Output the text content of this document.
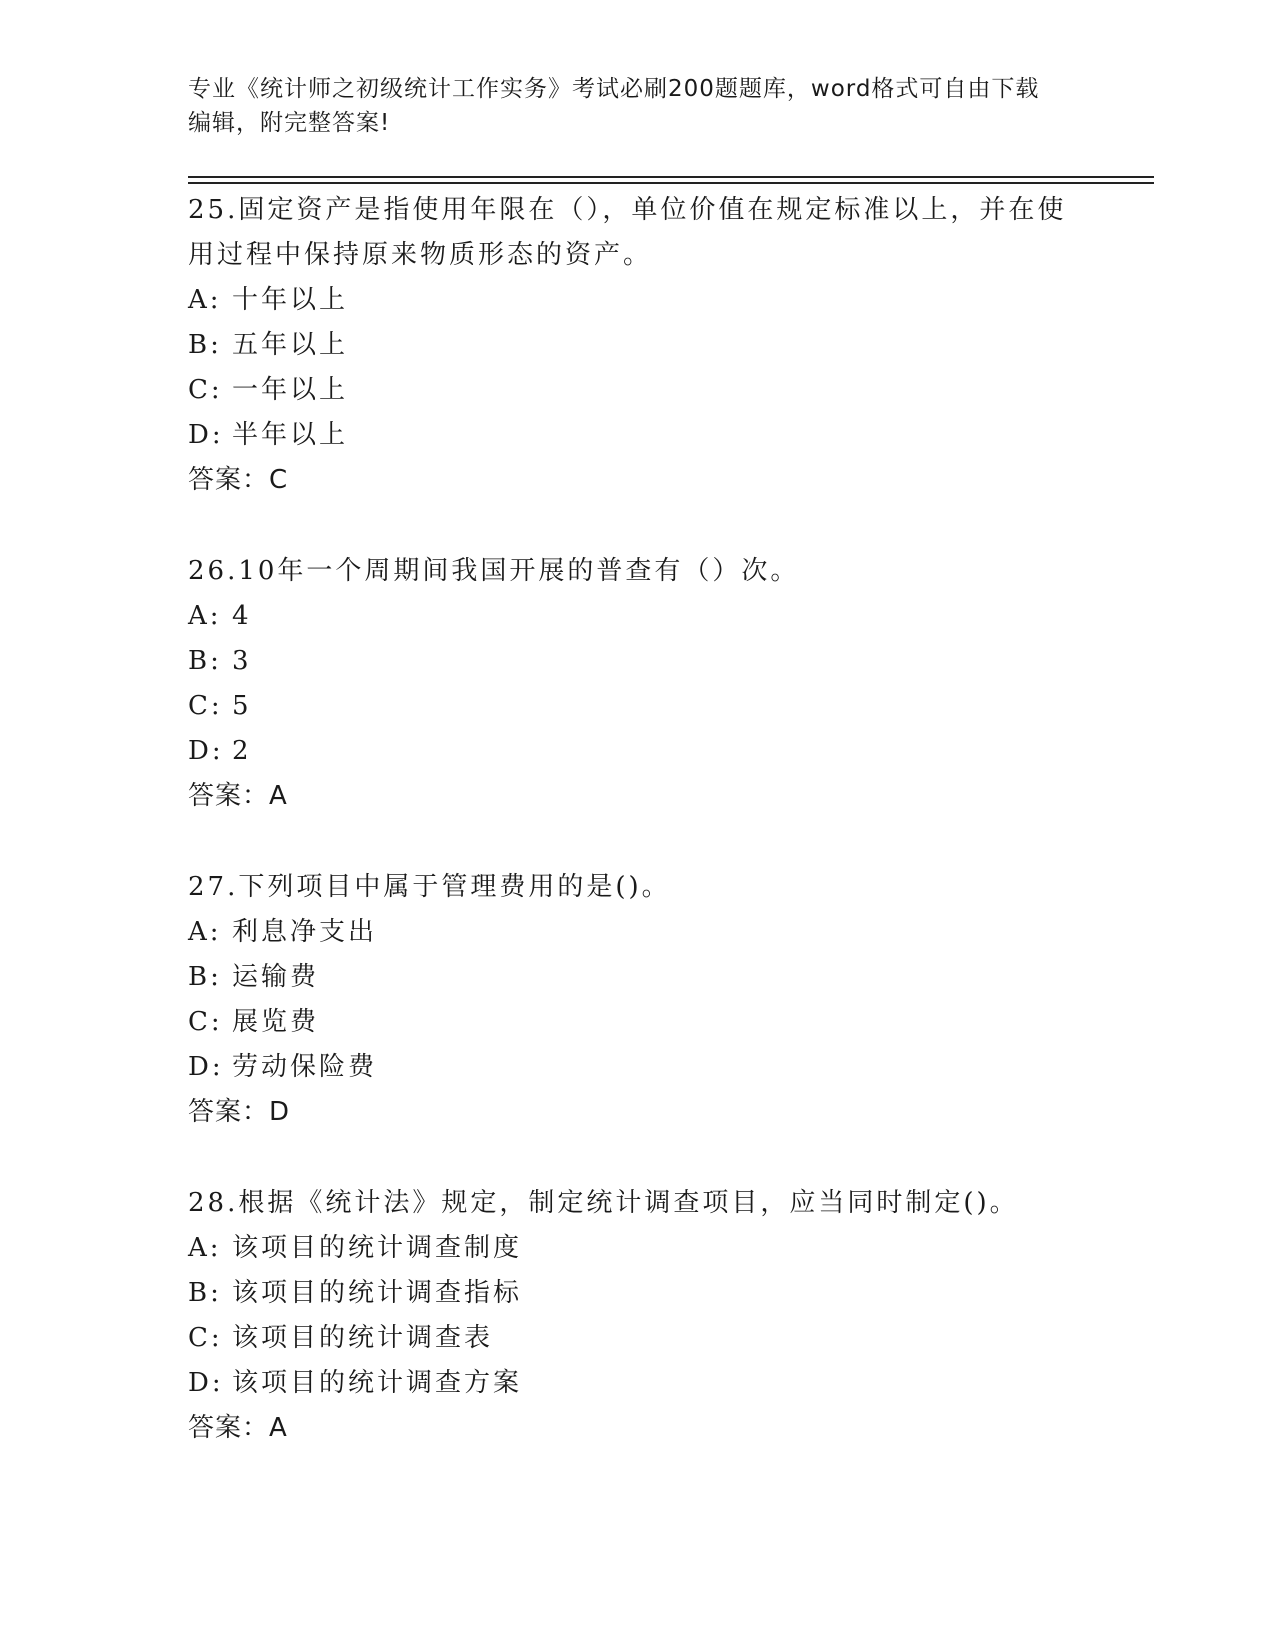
专业《统计师之初级统计工作实务》考试必刷200题题库，word格式可自由下载
编辑，附完整答案!

25.固定资产是指使用年限在（），单位价值在规定标准以上，并在使
用过程中保持原来物质形态的资产。

A: 十年以上
B: 五年以上
C: 一年以上
D: 半年以上
答案：C

26.10年一个周期间我国开展的普查有（）次。

A: 4
B: 3
C: 5
D: 2
答案：A

27.下列项目中属于管理费用的是()。

A: 利息净支出
B: 运输费
C: 展览费
D: 劳动保险费
答案：D

28.根据《统计法》规定，制定统计调查项目，应当同时制定()。

A: 该项目的统计调查制度
B: 该项目的统计调查指标
C: 该项目的统计调查表
D: 该项目的统计调查方案
答案：A
